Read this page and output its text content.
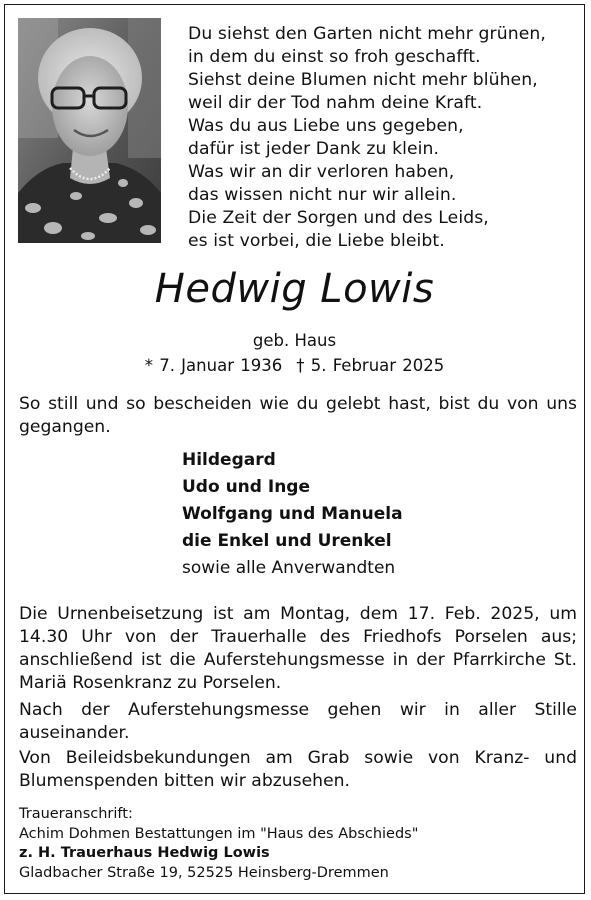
Du siehst den Garten nicht mehr grünen,
in dem du einst so froh geschafft.
Siehst deine Blumen nicht mehr blühen,
weil dir der Tod nahm deine Kraft.
Was du aus Liebe uns gegeben,
dafür ist jeder Dank zu klein.
Was wir an dir verloren haben,
das wissen nicht nur wir allein.
Die Zeit der Sorgen und des Leids,
es ist vorbei, die Liebe bleibt.
Hedwig Lowis
geb. Haus
* 7. Januar 1936 † 5. Februar 2025
So still und so bescheiden wie du gelebt hast, bist du von uns gegangen.
Hildegard
Udo und Inge
Wolfgang und Manuela
die Enkel und Urenkel
sowie alle Anverwandten
Die Urnenbeisetzung ist am Montag, dem 17. Feb. 2025, um 14.30 Uhr von der Trauerhalle des Friedhofs Porselen aus; anschließend ist die Auferstehungsmesse in der Pfarrkirche St. Mariä Rosenkranz zu Porselen.
Nach der Auferstehungsmesse gehen wir in aller Stille auseinander.
Von Beileidsbekundungen am Grab sowie von Kranz- und Blumenspenden bitten wir abzusehen.
Traueranschrift:
Achim Dohmen Bestattungen im "Haus des Abschieds"
z. H. Trauerhaus Hedwig Lowis
Gladbacher Straße 19, 52525 Heinsberg-Dremmen
